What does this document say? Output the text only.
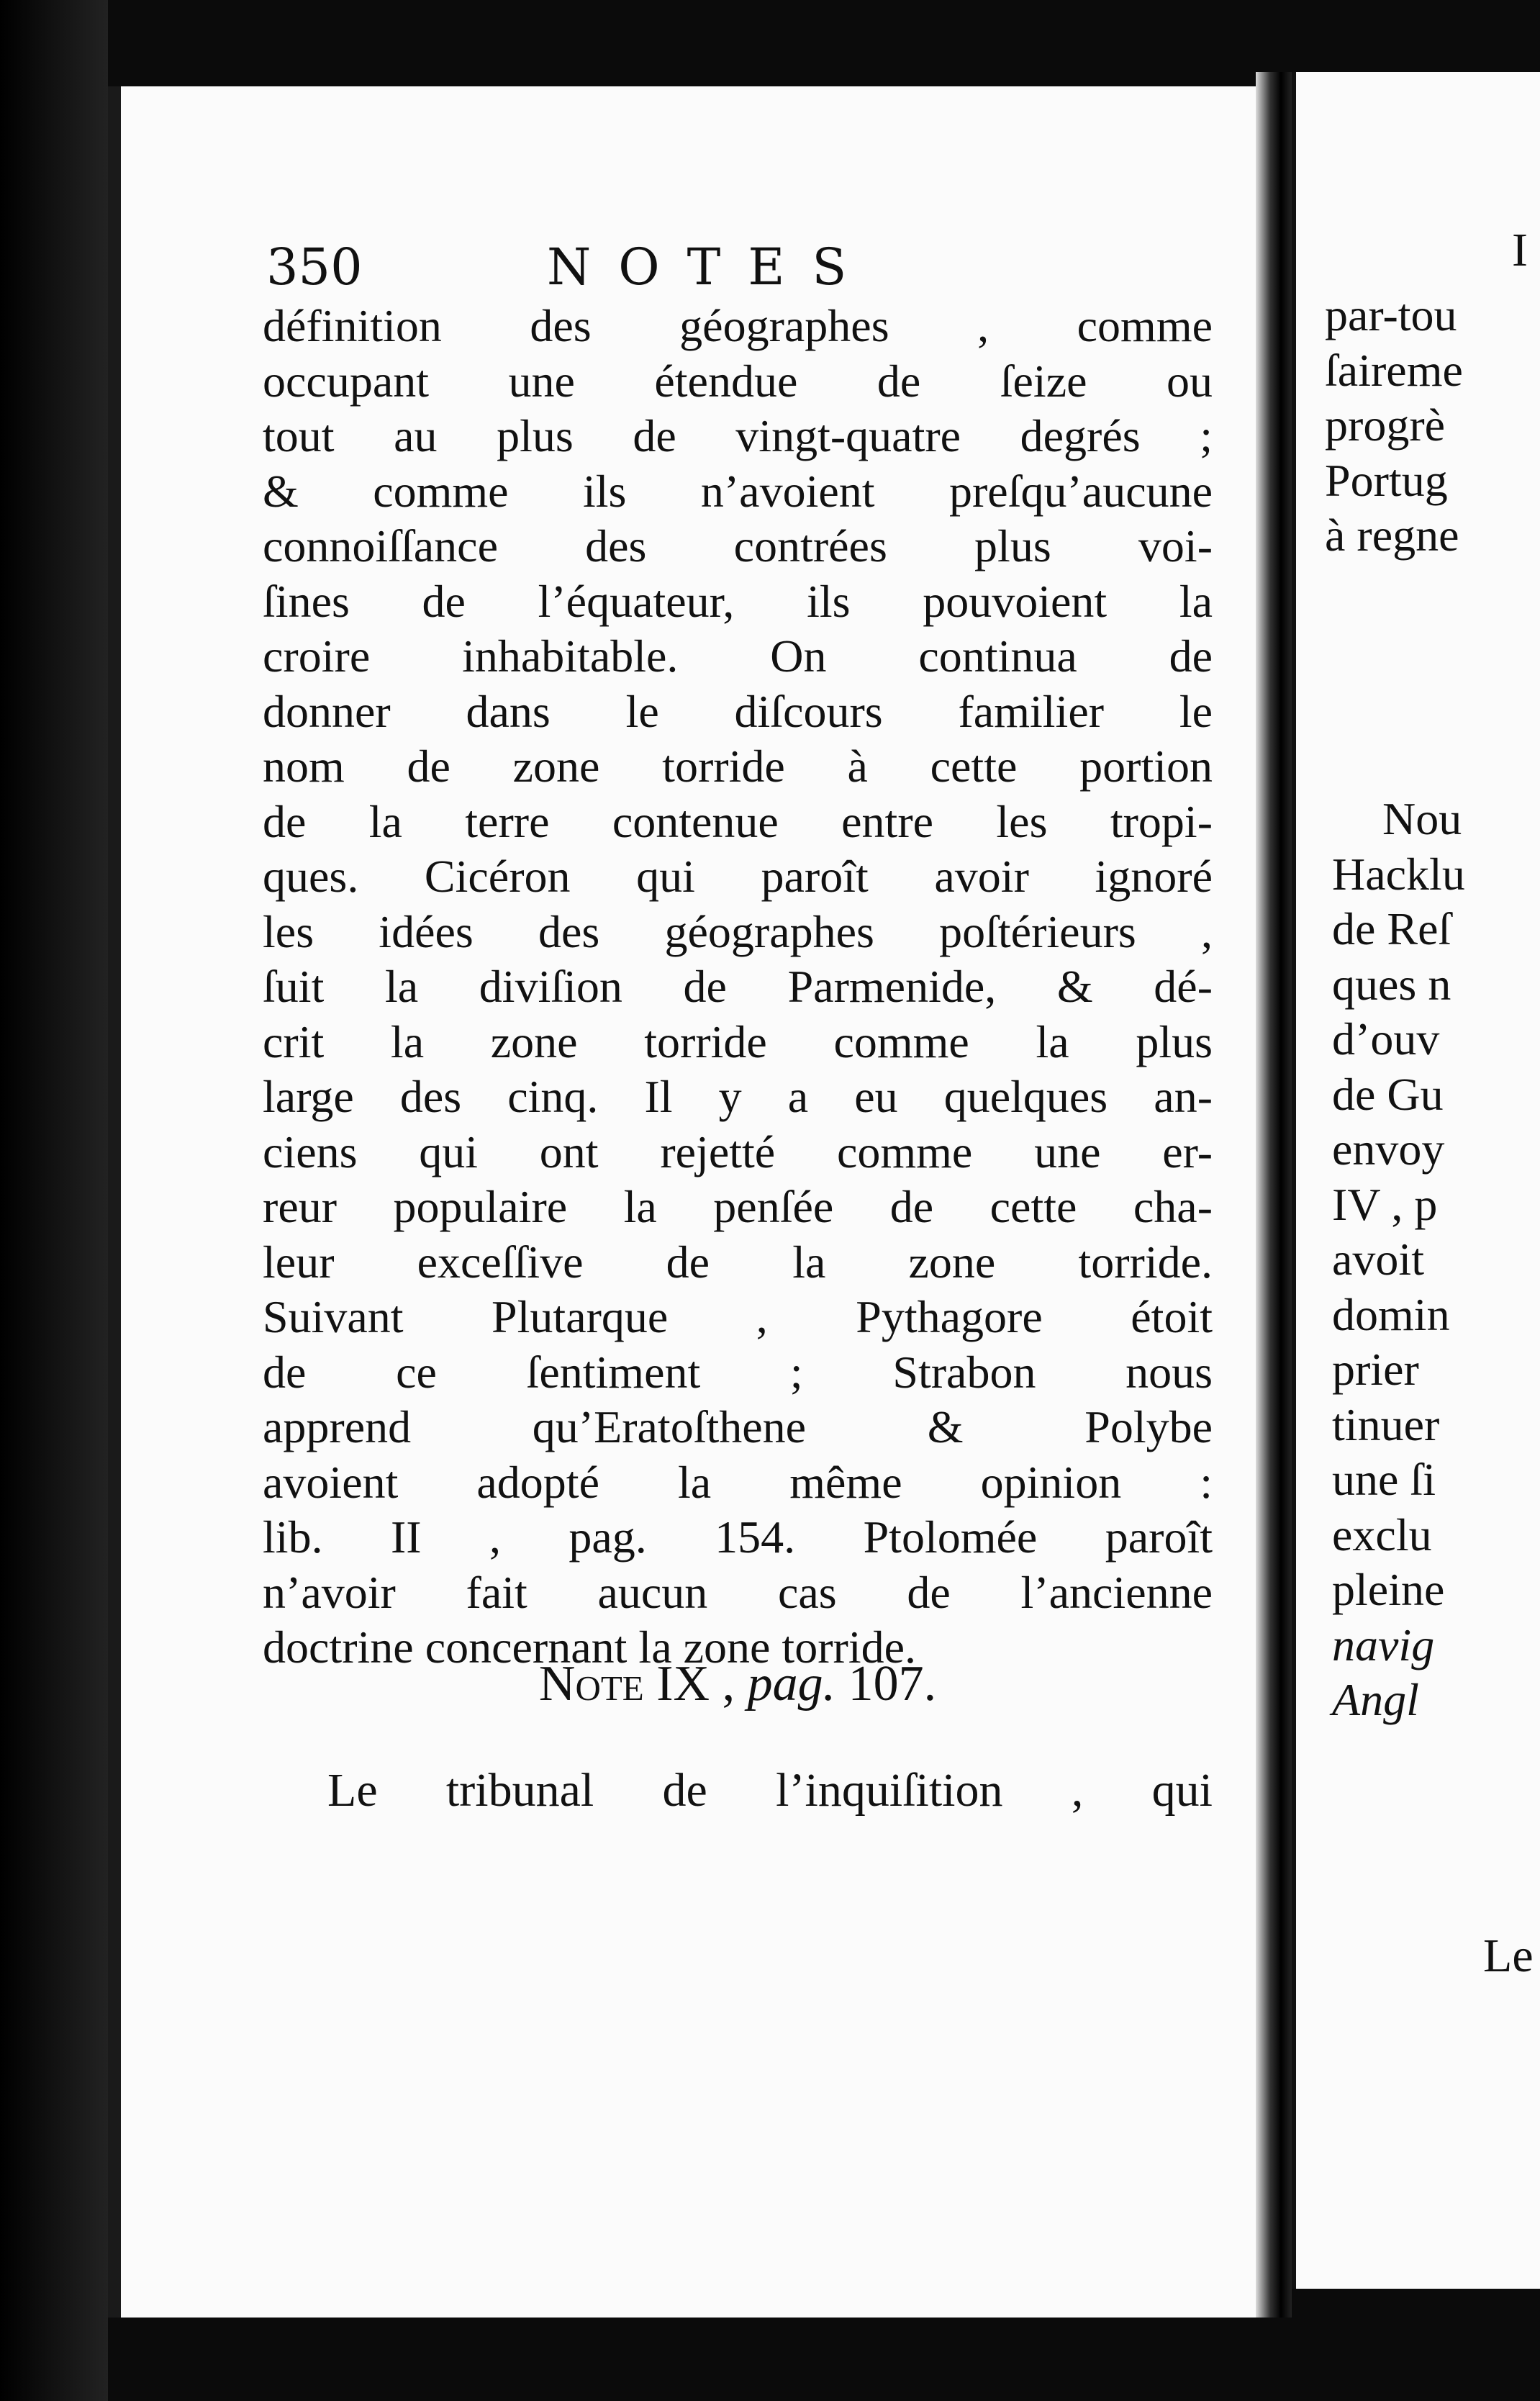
350	NOTES
définition des géographes , comme
occupant une étendue de ſeize ou
tout au plus de vingt-quatre degrés ;
& comme ils n’avoient preſqu’aucune
connoiſſance des contrées plus voi-
ſines de l’équateur, ils pouvoient la
croire inhabitable. On continua de
donner dans le diſcours familier le
nom de zone torride à cette portion
de la terre contenue entre les tropi-
ques. Cicéron qui paroît avoir ignoré
les idées des géographes poſtérieurs ,
ſuit la diviſion de Parmenide, & dé-
crit la zone torride comme la plus
large des cinq. Il y a eu quelques an-
ciens qui ont rejetté comme une er-
reur populaire la penſée de cette cha-
leur exceſſive de la zone torride.
Suivant Plutarque , Pythagore étoit
de ce ſentiment ; Strabon nous
apprend qu’Eratoſthene & Polybe
avoient adopté la même opinion :
lib. II , pag. 154. Ptolomée paroît
n’avoir fait aucun cas de l’ancienne
doctrine concernant la zone torride.
Note IX , pag. 107.
Le tribunal de l’inquiſition , qui
I
par-tou
ſaireme
progrè
Portug
à regne
Nou
Hacklu
de Reſ
ques n
d’ouv
de Gu
envoy
IV , p
avoit
domin
prier
tinuer
une ſi
exclu
pleine
navig
Angl
Le
